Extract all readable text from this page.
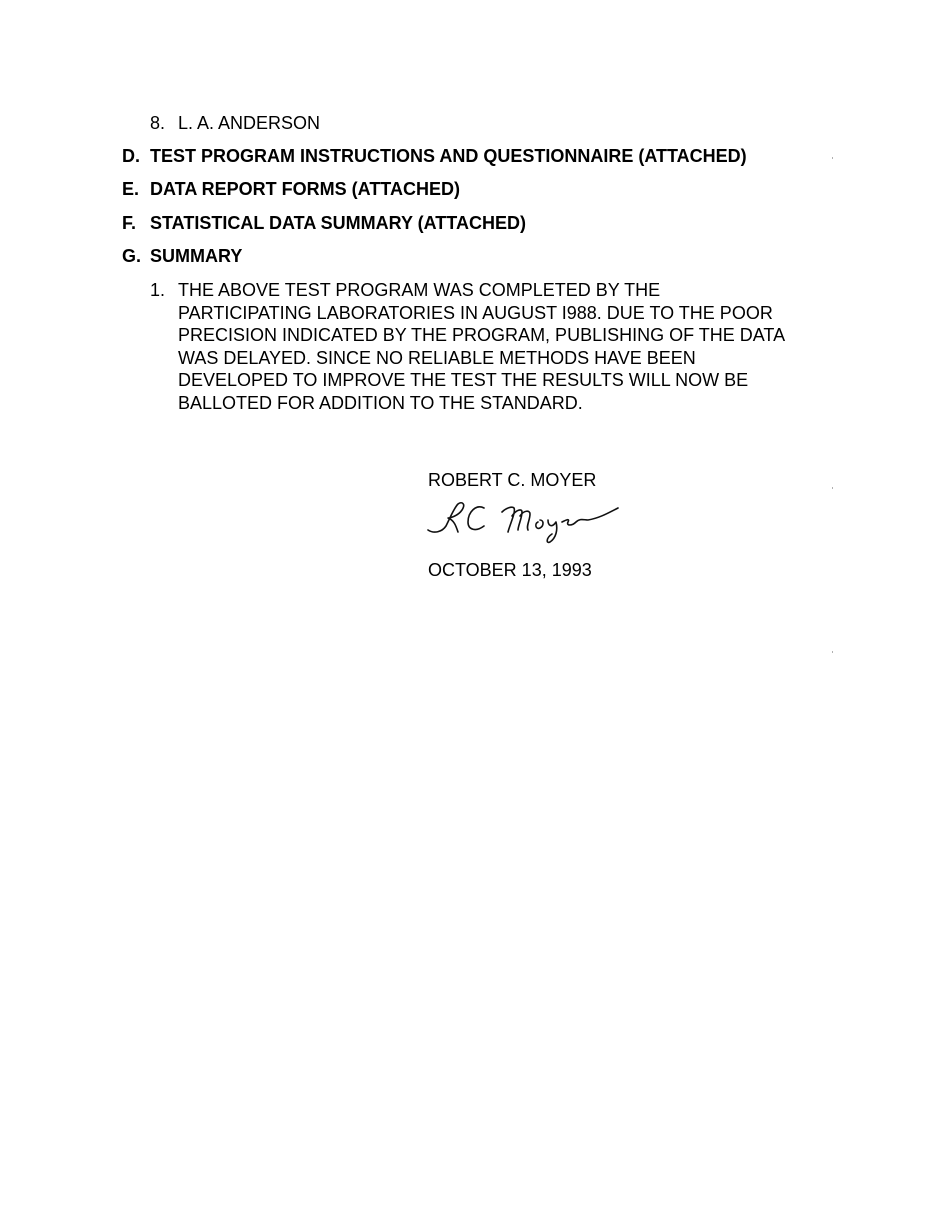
8. L. A. ANDERSON
D. TEST PROGRAM INSTRUCTIONS AND QUESTIONNAIRE (ATTACHED)
E. DATA REPORT FORMS (ATTACHED)
F. STATISTICAL DATA SUMMARY (ATTACHED)
G. SUMMARY
1. THE ABOVE TEST PROGRAM WAS COMPLETED BY THE
PARTICIPATING LABORATORIES IN AUGUST I988. DUE TO THE POOR
PRECISION INDICATED BY THE PROGRAM, PUBLISHING OF THE DATA
WAS DELAYED. SINCE NO RELIABLE METHODS HAVE BEEN
DEVELOPED TO IMPROVE THE TEST THE RESULTS WILL NOW BE
BALLOTED FOR ADDITION TO THE STANDARD.
ROBERT C. MOYER
OCTOBER 13, 1993
